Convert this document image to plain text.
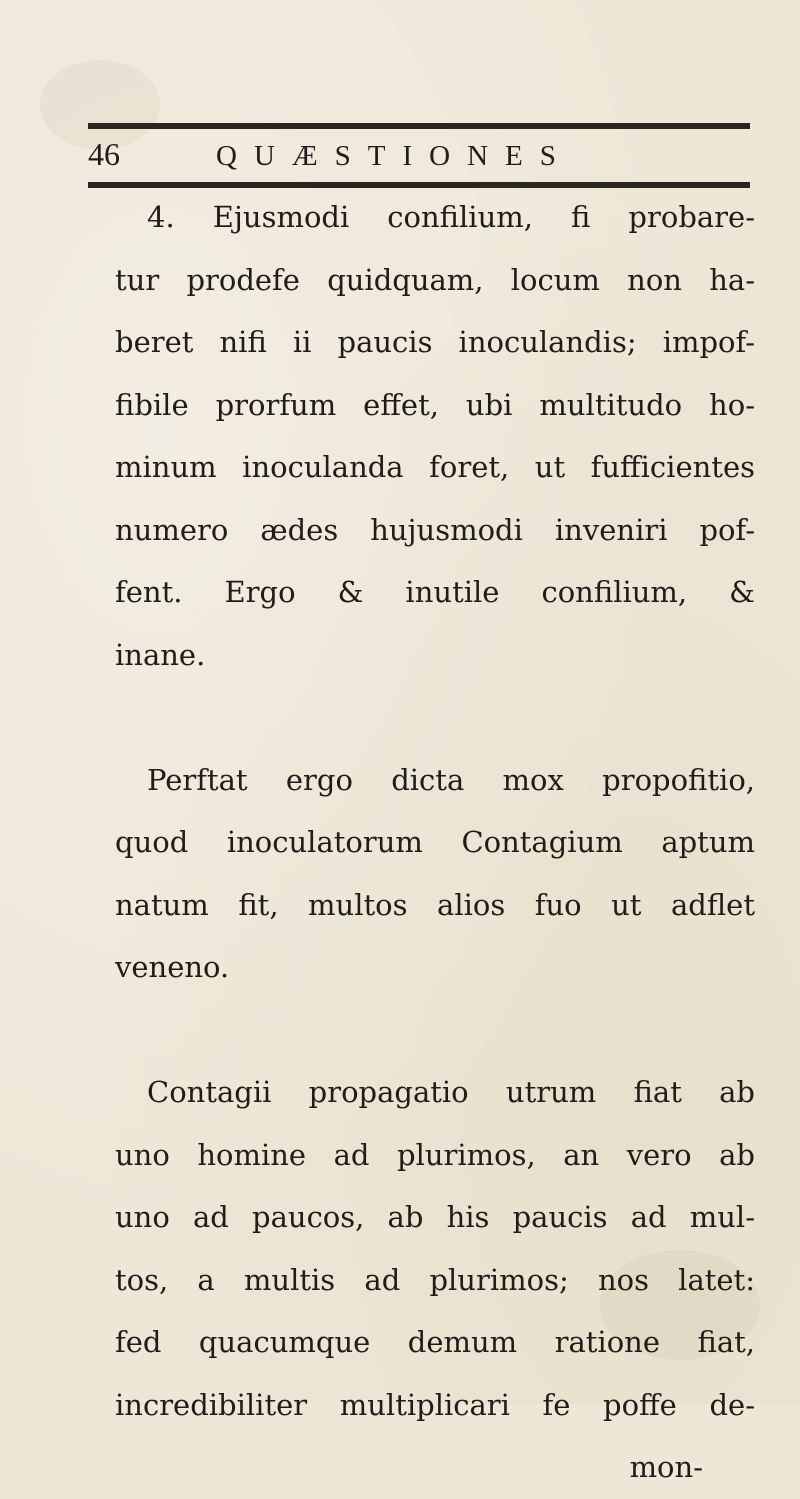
46	QUÆSTIONES
4. Ejusmodi confilium, fi probare-
tur prodefe quidquam, locum non ha-
beret nifi ii paucis inoculandis; impof-
fibile prorfum effet, ubi multitudo ho-
minum inoculanda foret, ut fufficientes
numero ædes hujusmodi inveniri pof-
fent. Ergo & inutile confilium, &
inane.
Perftat ergo dicta mox propofitio,
quod inoculatorum Contagium aptum
natum fit, multos alios fuo ut adflet
veneno.
Contagii propagatio utrum fiat ab
uno homine ad plurimos, an vero ab
uno ad paucos, ab his paucis ad mul-
tos, a multis ad plurimos; nos latet:
fed quacumque demum ratione fiat,
incredibiliter multiplicari fe poffe de-
mon-
